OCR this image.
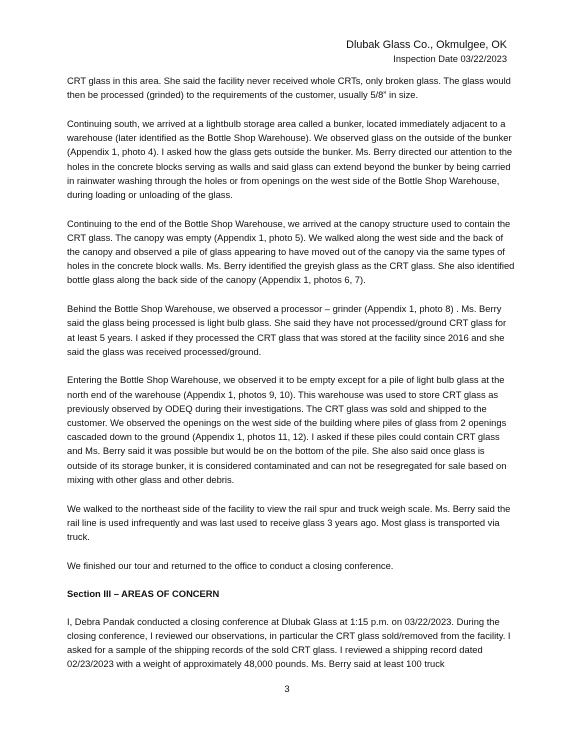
Dlubak Glass Co., Okmulgee, OK
Inspection Date 03/22/2023

CRT glass in this area. She said the facility never received whole CRTs, only broken glass. The glass would then be processed (grinded) to the requirements of the customer, usually 5/8” in size.

Continuing south, we arrived at a lightbulb storage area called a bunker, located immediately adjacent to a warehouse (later identified as the Bottle Shop Warehouse). We observed glass on the outside of the bunker (Appendix 1, photo 4). I asked how the glass gets outside the bunker. Ms. Berry directed our attention to the holes in the concrete blocks serving as walls and said glass can extend beyond the bunker by being carried in rainwater washing through the holes or from openings on the west side of the Bottle Shop Warehouse, during loading or unloading of the glass.

Continuing to the end of the Bottle Shop Warehouse, we arrived at the canopy structure used to contain the CRT glass. The canopy was empty (Appendix 1, photo 5). We walked along the west side and the back of the canopy and observed a pile of glass appearing to have moved out of the canopy via the same types of holes in the concrete block walls. Ms. Berry identified the greyish glass as the CRT glass. She also identified bottle glass along the back side of the canopy (Appendix 1, photos 6, 7).

Behind the Bottle Shop Warehouse, we observed a processor – grinder (Appendix 1, photo 8) . Ms. Berry said the glass being processed is light bulb glass. She said they have not processed/ground CRT glass for at least 5 years. I asked if they processed the CRT glass that was stored at the facility since 2016 and she said the glass was received processed/ground.

Entering the Bottle Shop Warehouse, we observed it to be empty except for a pile of light bulb glass at the north end of the warehouse (Appendix 1, photos 9, 10). This warehouse was used to store CRT glass as previously observed by ODEQ during their investigations. The CRT glass was sold and shipped to the customer. We observed the openings on the west side of the building where piles of glass from 2 openings cascaded down to the ground (Appendix 1, photos 11, 12). I asked if these piles could contain CRT glass and Ms. Berry said it was possible but would be on the bottom of the pile. She also said once glass is outside of its storage bunker, it is considered contaminated and can not be resegregated for sale based on mixing with other glass and other debris.

We walked to the northeast side of the facility to view the rail spur and truck weigh scale. Ms. Berry said the rail line is used infrequently and was last used to receive glass 3 years ago. Most glass is transported via truck.

We finished our tour and returned to the office to conduct a closing conference.

Section III – AREAS OF CONCERN

I, Debra Pandak conducted a closing conference at Dlubak Glass at 1:15 p.m. on 03/22/2023. During the closing conference, I reviewed our observations, in particular the CRT glass sold/removed from the facility. I asked for a sample of the shipping records of the sold CRT glass. I reviewed a shipping record dated 02/23/2023 with a weight of approximately 48,000 pounds. Ms. Berry said at least 100 truck

3
